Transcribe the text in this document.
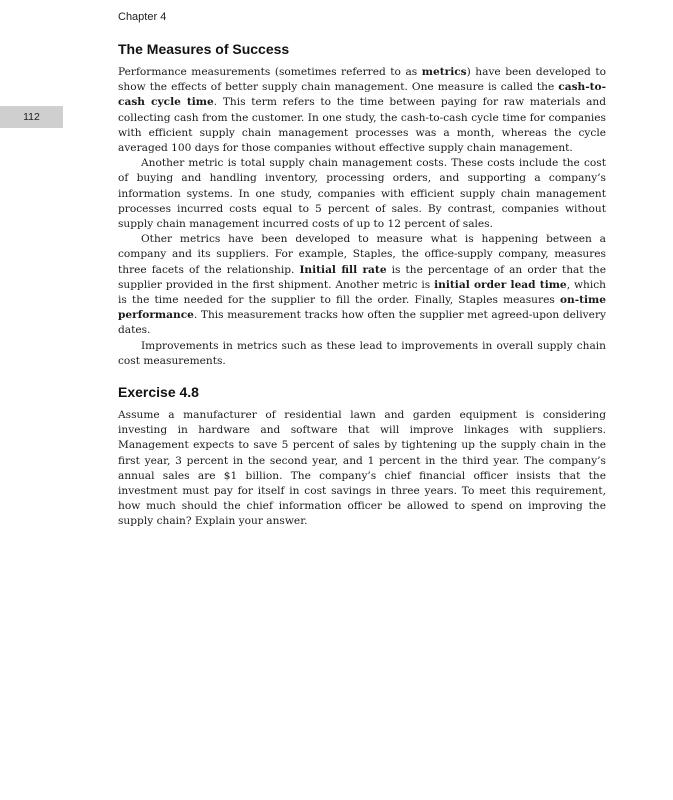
Chapter 4
112
The Measures of Success

Performance measurements (sometimes referred to as metrics) have been developed to show the effects of better supply chain management. One measure is called the cash-to-cash cycle time. This term refers to the time between paying for raw materials and collecting cash from the customer. In one study, the cash-to-cash cycle time for companies with efficient supply chain management processes was a month, whereas the cycle averaged 100 days for those companies without effective supply chain management.

Another metric is total supply chain management costs. These costs include the cost of buying and handling inventory, processing orders, and supporting a company’s information systems. In one study, companies with efficient supply chain management processes incurred costs equal to 5 percent of sales. By contrast, companies without supply chain management incurred costs of up to 12 percent of sales.

Other metrics have been developed to measure what is happening between a company and its suppliers. For example, Staples, the office-supply company, measures three facets of the relationship. Initial fill rate is the percentage of an order that the supplier provided in the first shipment. Another metric is initial order lead time, which is the time needed for the supplier to fill the order. Finally, Staples measures on-time performance. This measurement tracks how often the supplier met agreed-upon delivery dates.

Improvements in metrics such as these lead to improvements in overall supply chain cost measurements.

Exercise 4.8

Assume a manufacturer of residential lawn and garden equipment is considering investing in hardware and software that will improve linkages with suppliers. Management expects to save 5 percent of sales by tightening up the supply chain in the first year, 3 percent in the second year, and 1 percent in the third year. The company’s annual sales are $1 billion. The company’s chief financial officer insists that the investment must pay for itself in cost savings in three years. To meet this requirement, how much should the chief information officer be allowed to spend on improving the supply chain? Explain your answer.
